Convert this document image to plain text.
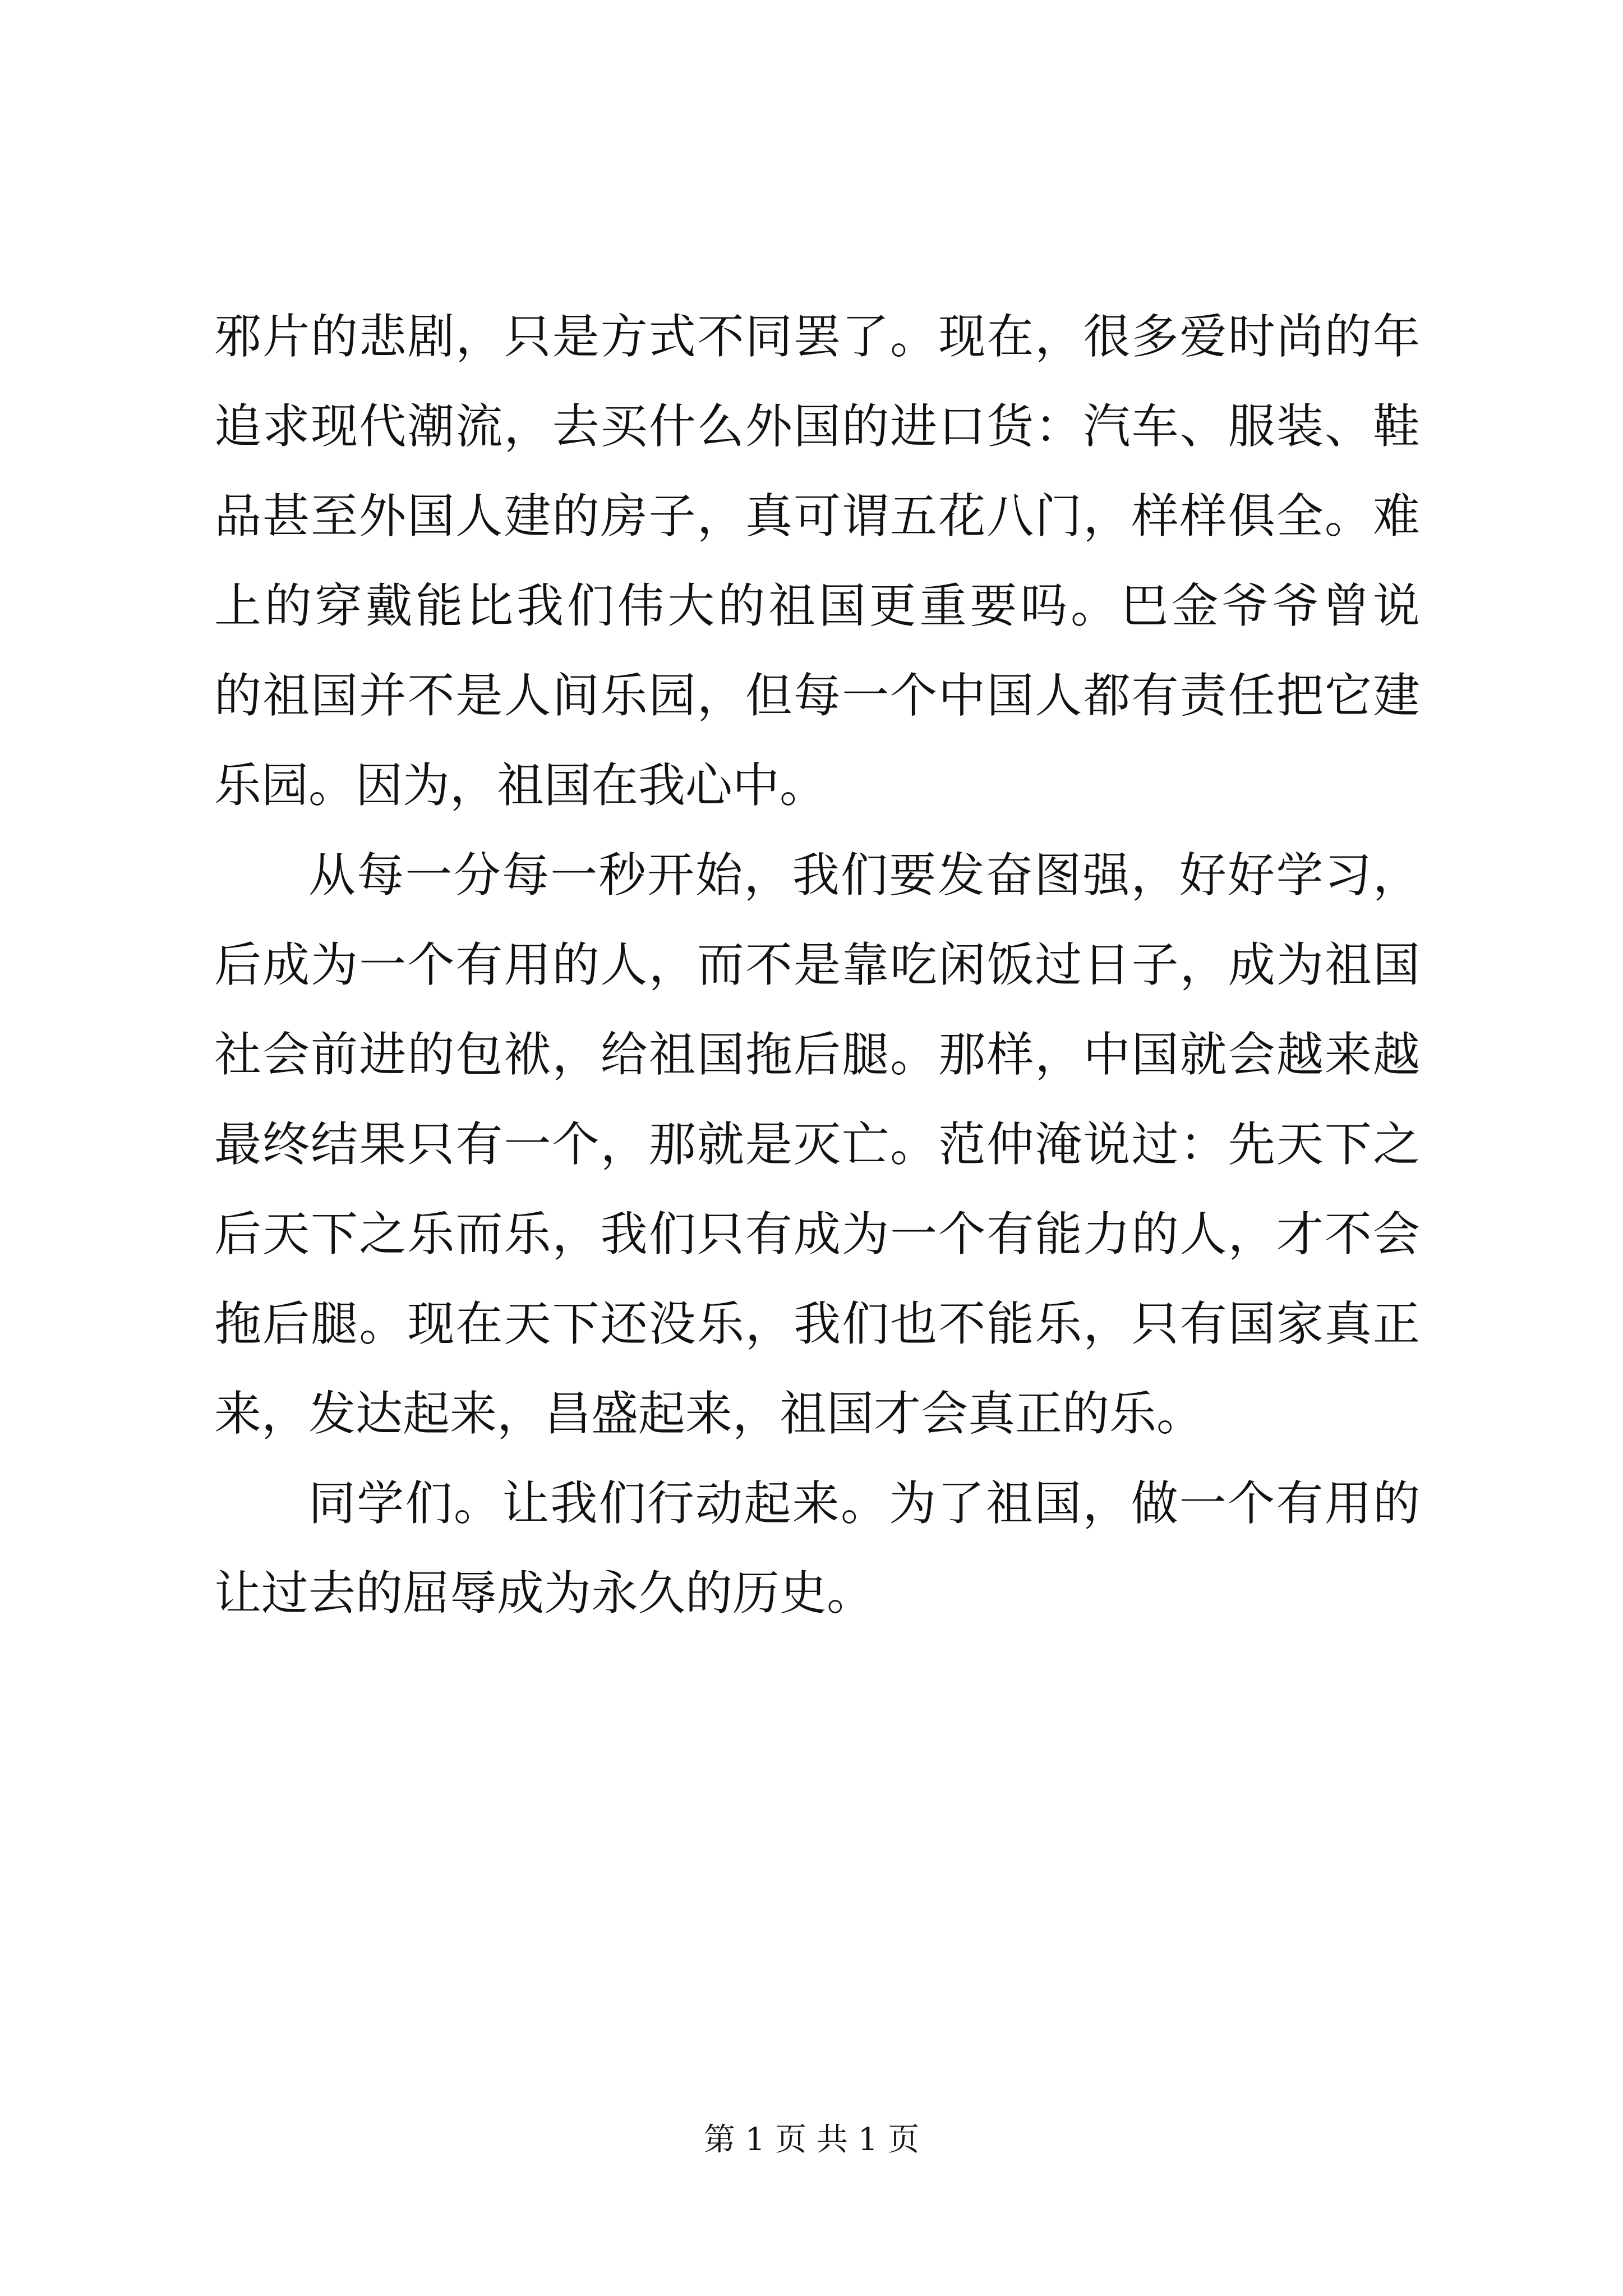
邪片的悲剧，只是方式不同罢了。现在，很多爱时尚的年
追求现代潮流，去买什么外国的进口货：汽车、服装、鞋
品甚至外国人建的房子，真可谓五花八门，样样俱全。难
上的穿戴能比我们伟大的祖国更重要吗。巴金爷爷曾说
的祖国并不是人间乐园，但每一个中国人都有责任把它建
乐园。因为，祖国在我心中。
从每一分每一秒开始，我们要发奋图强，好好学习，
后成为一个有用的人，而不是靠吃闲饭过日子，成为祖国
社会前进的包袱，给祖国拖后腿。那样，中国就会越来越
最终结果只有一个，那就是灭亡。范仲淹说过：先天下之
后天下之乐而乐，我们只有成为一个有能力的人，才不会
拖后腿。现在天下还没乐，我们也不能乐，只有国家真正
来，发达起来，昌盛起来，祖国才会真正的乐。
同学们。让我们行动起来。为了祖国，做一个有用的
让过去的屈辱成为永久的历史。
第 1 页 共 1 页
